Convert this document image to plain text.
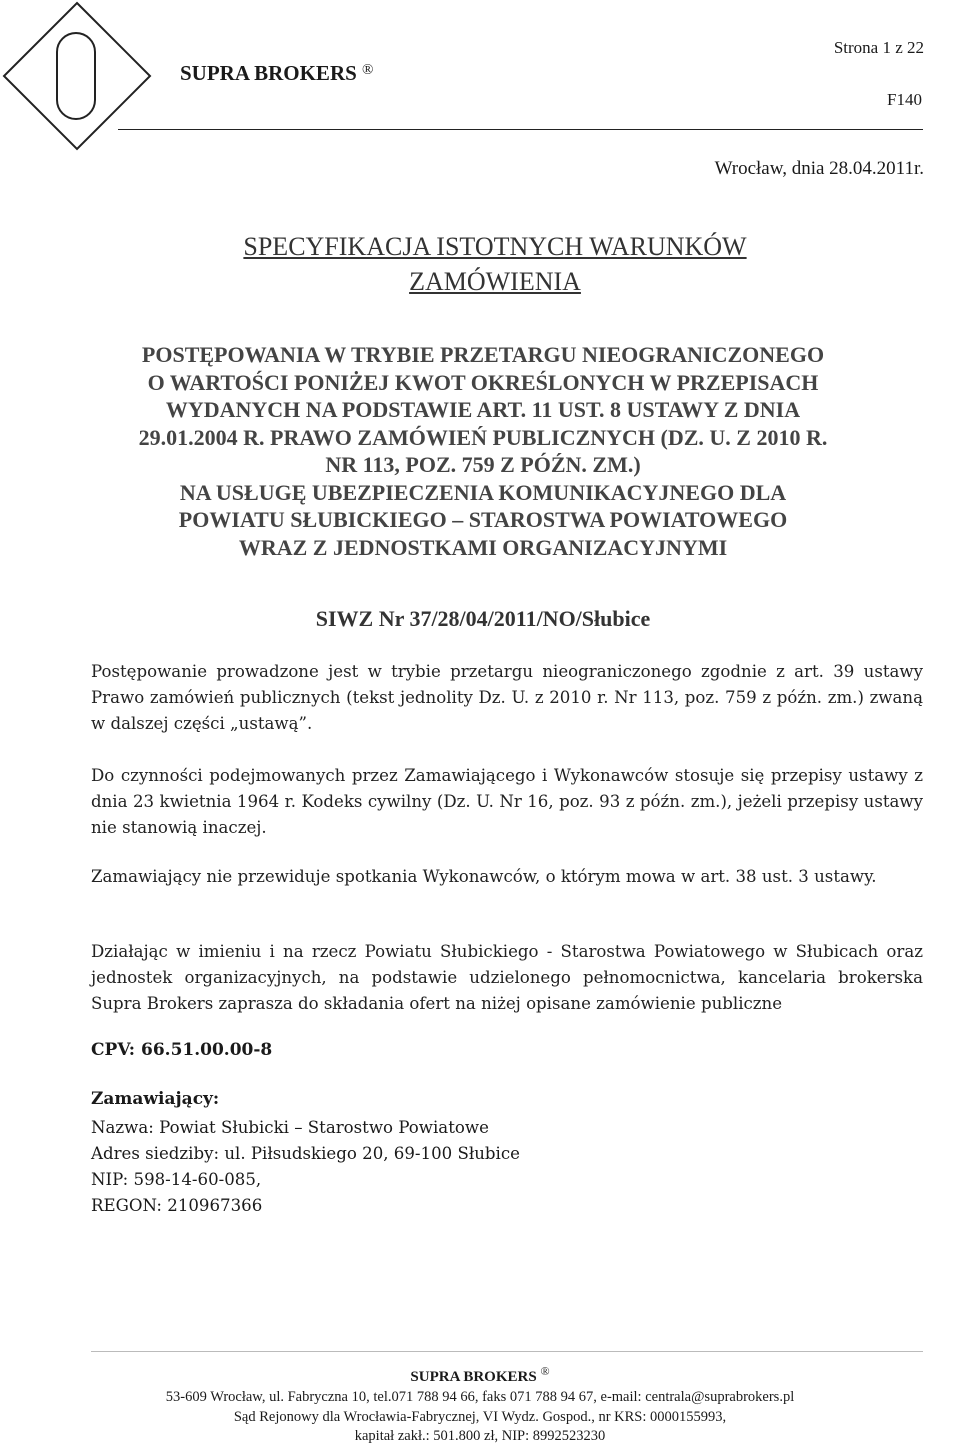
SUPRA BROKERS ®
Strona 1 z 22
F140
Wrocław, dnia 28.04.2011r.
SPECYFIKACJA ISTOTNYCH WARUNKÓW
ZAMÓWIENIA
POSTĘPOWANIA W TRYBIE PRZETARGU NIEOGRANICZONEGO
O WARTOŚCI PONIŻEJ KWOT OKREŚLONYCH W PRZEPISACH
WYDANYCH NA PODSTAWIE ART. 11 UST. 8 USTAWY Z DNIA
29.01.2004 R. PRAWO ZAMÓWIEŃ PUBLICZNYCH (DZ. U. Z 2010 R.
NR 113, POZ. 759 Z PÓŹN. ZM.)
NA USŁUGĘ UBEZPIECZENIA KOMUNIKACYJNEGO DLA
POWIATU SŁUBICKIEGO – STAROSTWA POWIATOWEGO
WRAZ Z JEDNOSTKAMI ORGANIZACYJNYMI
SIWZ Nr 37/28/04/2011/NO/Słubice
Postępowanie prowadzone jest w trybie przetargu nieograniczonego zgodnie z art. 39 ustawy Prawo zamówień publicznych (tekst jednolity Dz. U. z 2010 r. Nr 113, poz. 759 z późn. zm.) zwaną w dalszej części „ustawą”.
Do czynności podejmowanych przez Zamawiającego i Wykonawców stosuje się przepisy ustawy z dnia 23 kwietnia 1964 r. Kodeks cywilny (Dz. U. Nr 16, poz. 93 z późn. zm.), jeżeli przepisy ustawy nie stanowią inaczej.
Zamawiający nie przewiduje spotkania Wykonawców, o którym mowa w art. 38 ust. 3 ustawy.
Działając w imieniu i na rzecz Powiatu Słubickiego - Starostwa Powiatowego w Słubicach oraz jednostek organizacyjnych, na podstawie udzielonego pełnomocnictwa, kancelaria brokerska Supra Brokers zaprasza do składania ofert na niżej opisane zamówienie publiczne
CPV: 66.51.00.00-8
Zamawiający:
Nazwa: Powiat Słubicki – Starostwo Powiatowe
Adres siedziby: ul. Piłsudskiego 20, 69-100 Słubice
NIP: 598-14-60-085,
REGON: 210967366
SUPRA BROKERS ®
53-609 Wrocław, ul. Fabryczna 10, tel.071 788 94 66, faks 071 788 94 67, e-mail: centrala@suprabrokers.pl
Sąd Rejonowy dla Wrocławia-Fabrycznej, VI Wydz. Gospod., nr KRS: 0000155993,
kapitał zakł.: 501.800 zł, NIP: 8992523230
